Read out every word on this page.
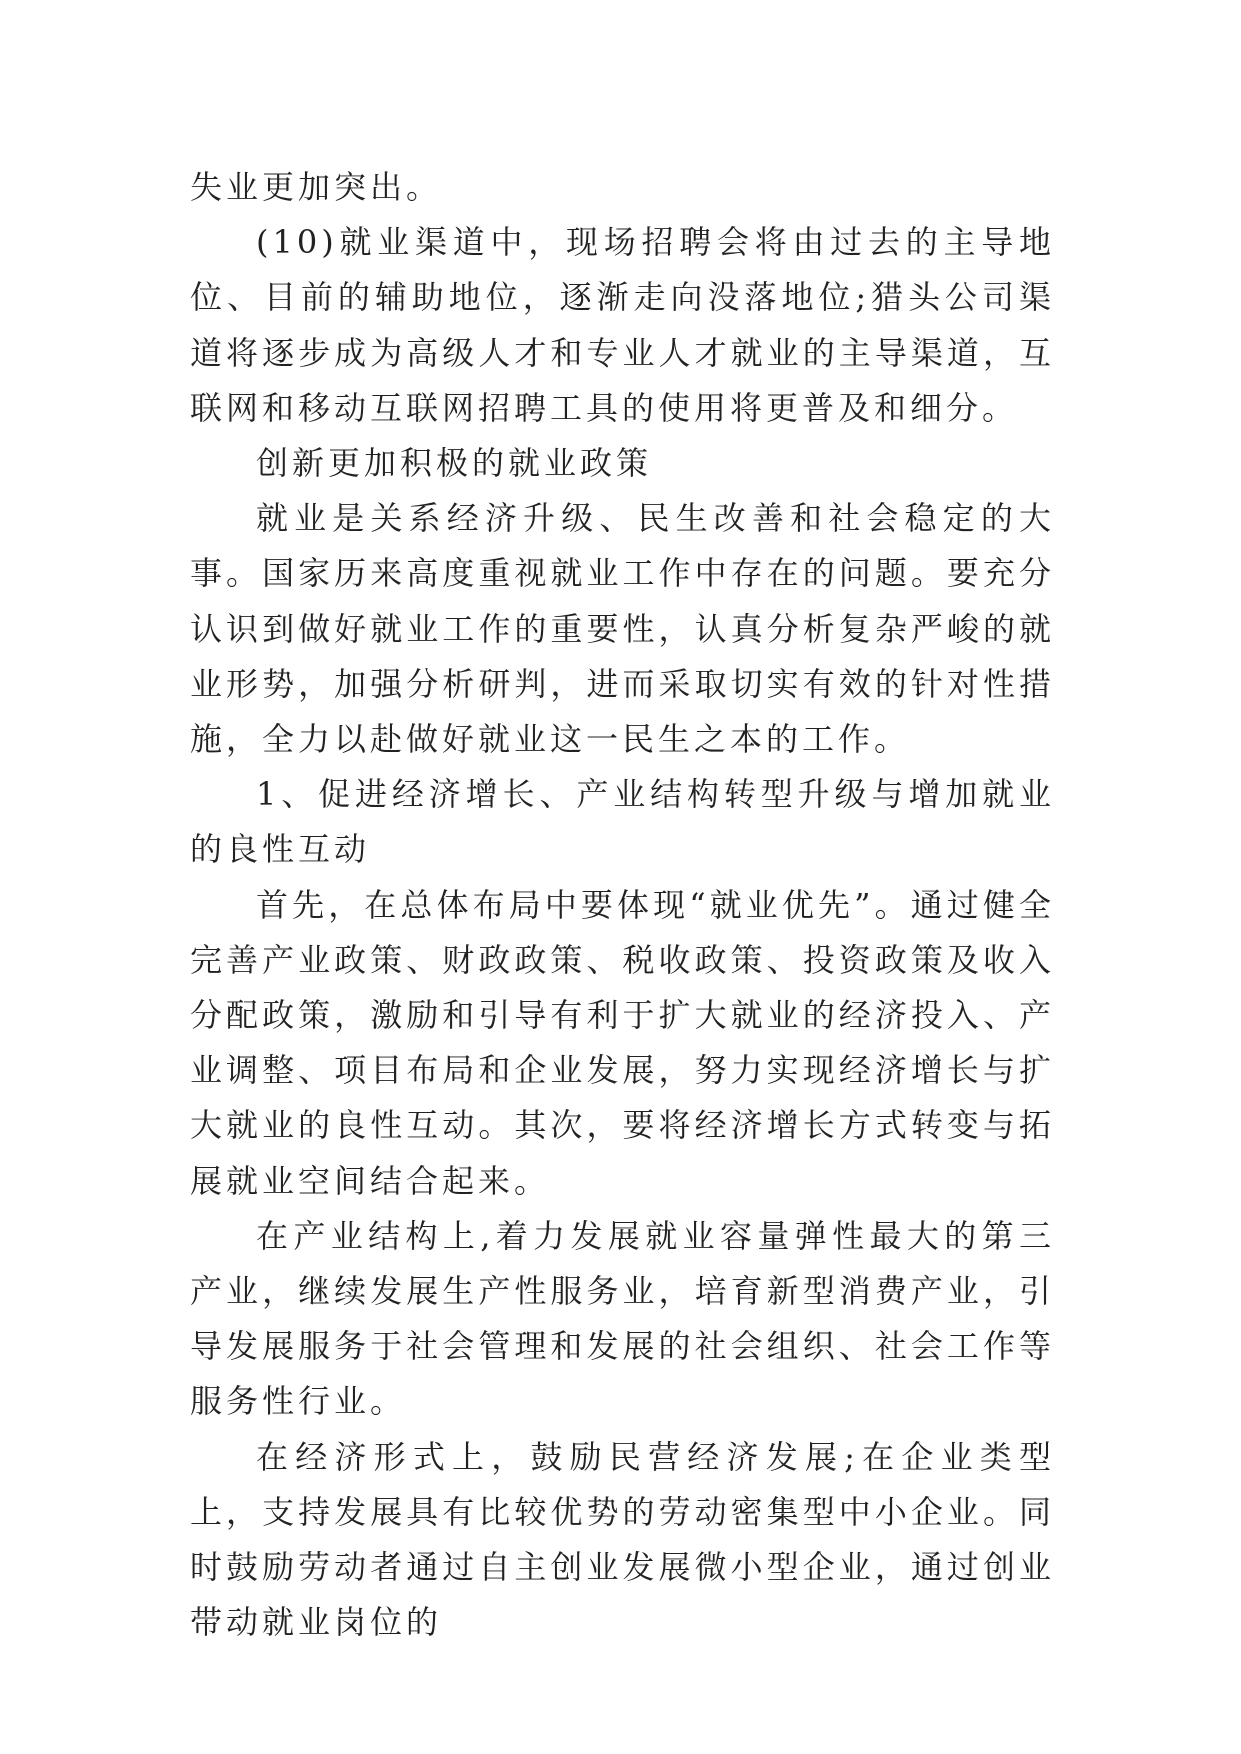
失业更加突出。

(10)就业渠道中，现场招聘会将由过去的主导地位、目前的辅助地位，逐渐走向没落地位;猎头公司渠道将逐步成为高级人才和专业人才就业的主导渠道，互联网和移动互联网招聘工具的使用将更普及和细分。

创新更加积极的就业政策

就业是关系经济升级、民生改善和社会稳定的大事。国家历来高度重视就业工作中存在的问题。要充分认识到做好就业工作的重要性，认真分析复杂严峻的就业形势，加强分析研判，进而采取切实有效的针对性措施，全力以赴做好就业这一民生之本的工作。

1、促进经济增长、产业结构转型升级与增加就业的良性互动

首先，在总体布局中要体现“就业优先”。通过健全完善产业政策、财政政策、税收政策、投资政策及收入分配政策，激励和引导有利于扩大就业的经济投入、产业调整、项目布局和企业发展，努力实现经济增长与扩大就业的良性互动。其次，要将经济增长方式转变与拓展就业空间结合起来。

在产业结构上,着力发展就业容量弹性最大的第三产业，继续发展生产性服务业，培育新型消费产业，引导发展服务于社会管理和发展的社会组织、社会工作等服务性行业。

在经济形式上，鼓励民营经济发展;在企业类型上，支持发展具有比较优势的劳动密集型中小企业。同时鼓励劳动者通过自主创业发展微小型企业，通过创业带动就业岗位的
